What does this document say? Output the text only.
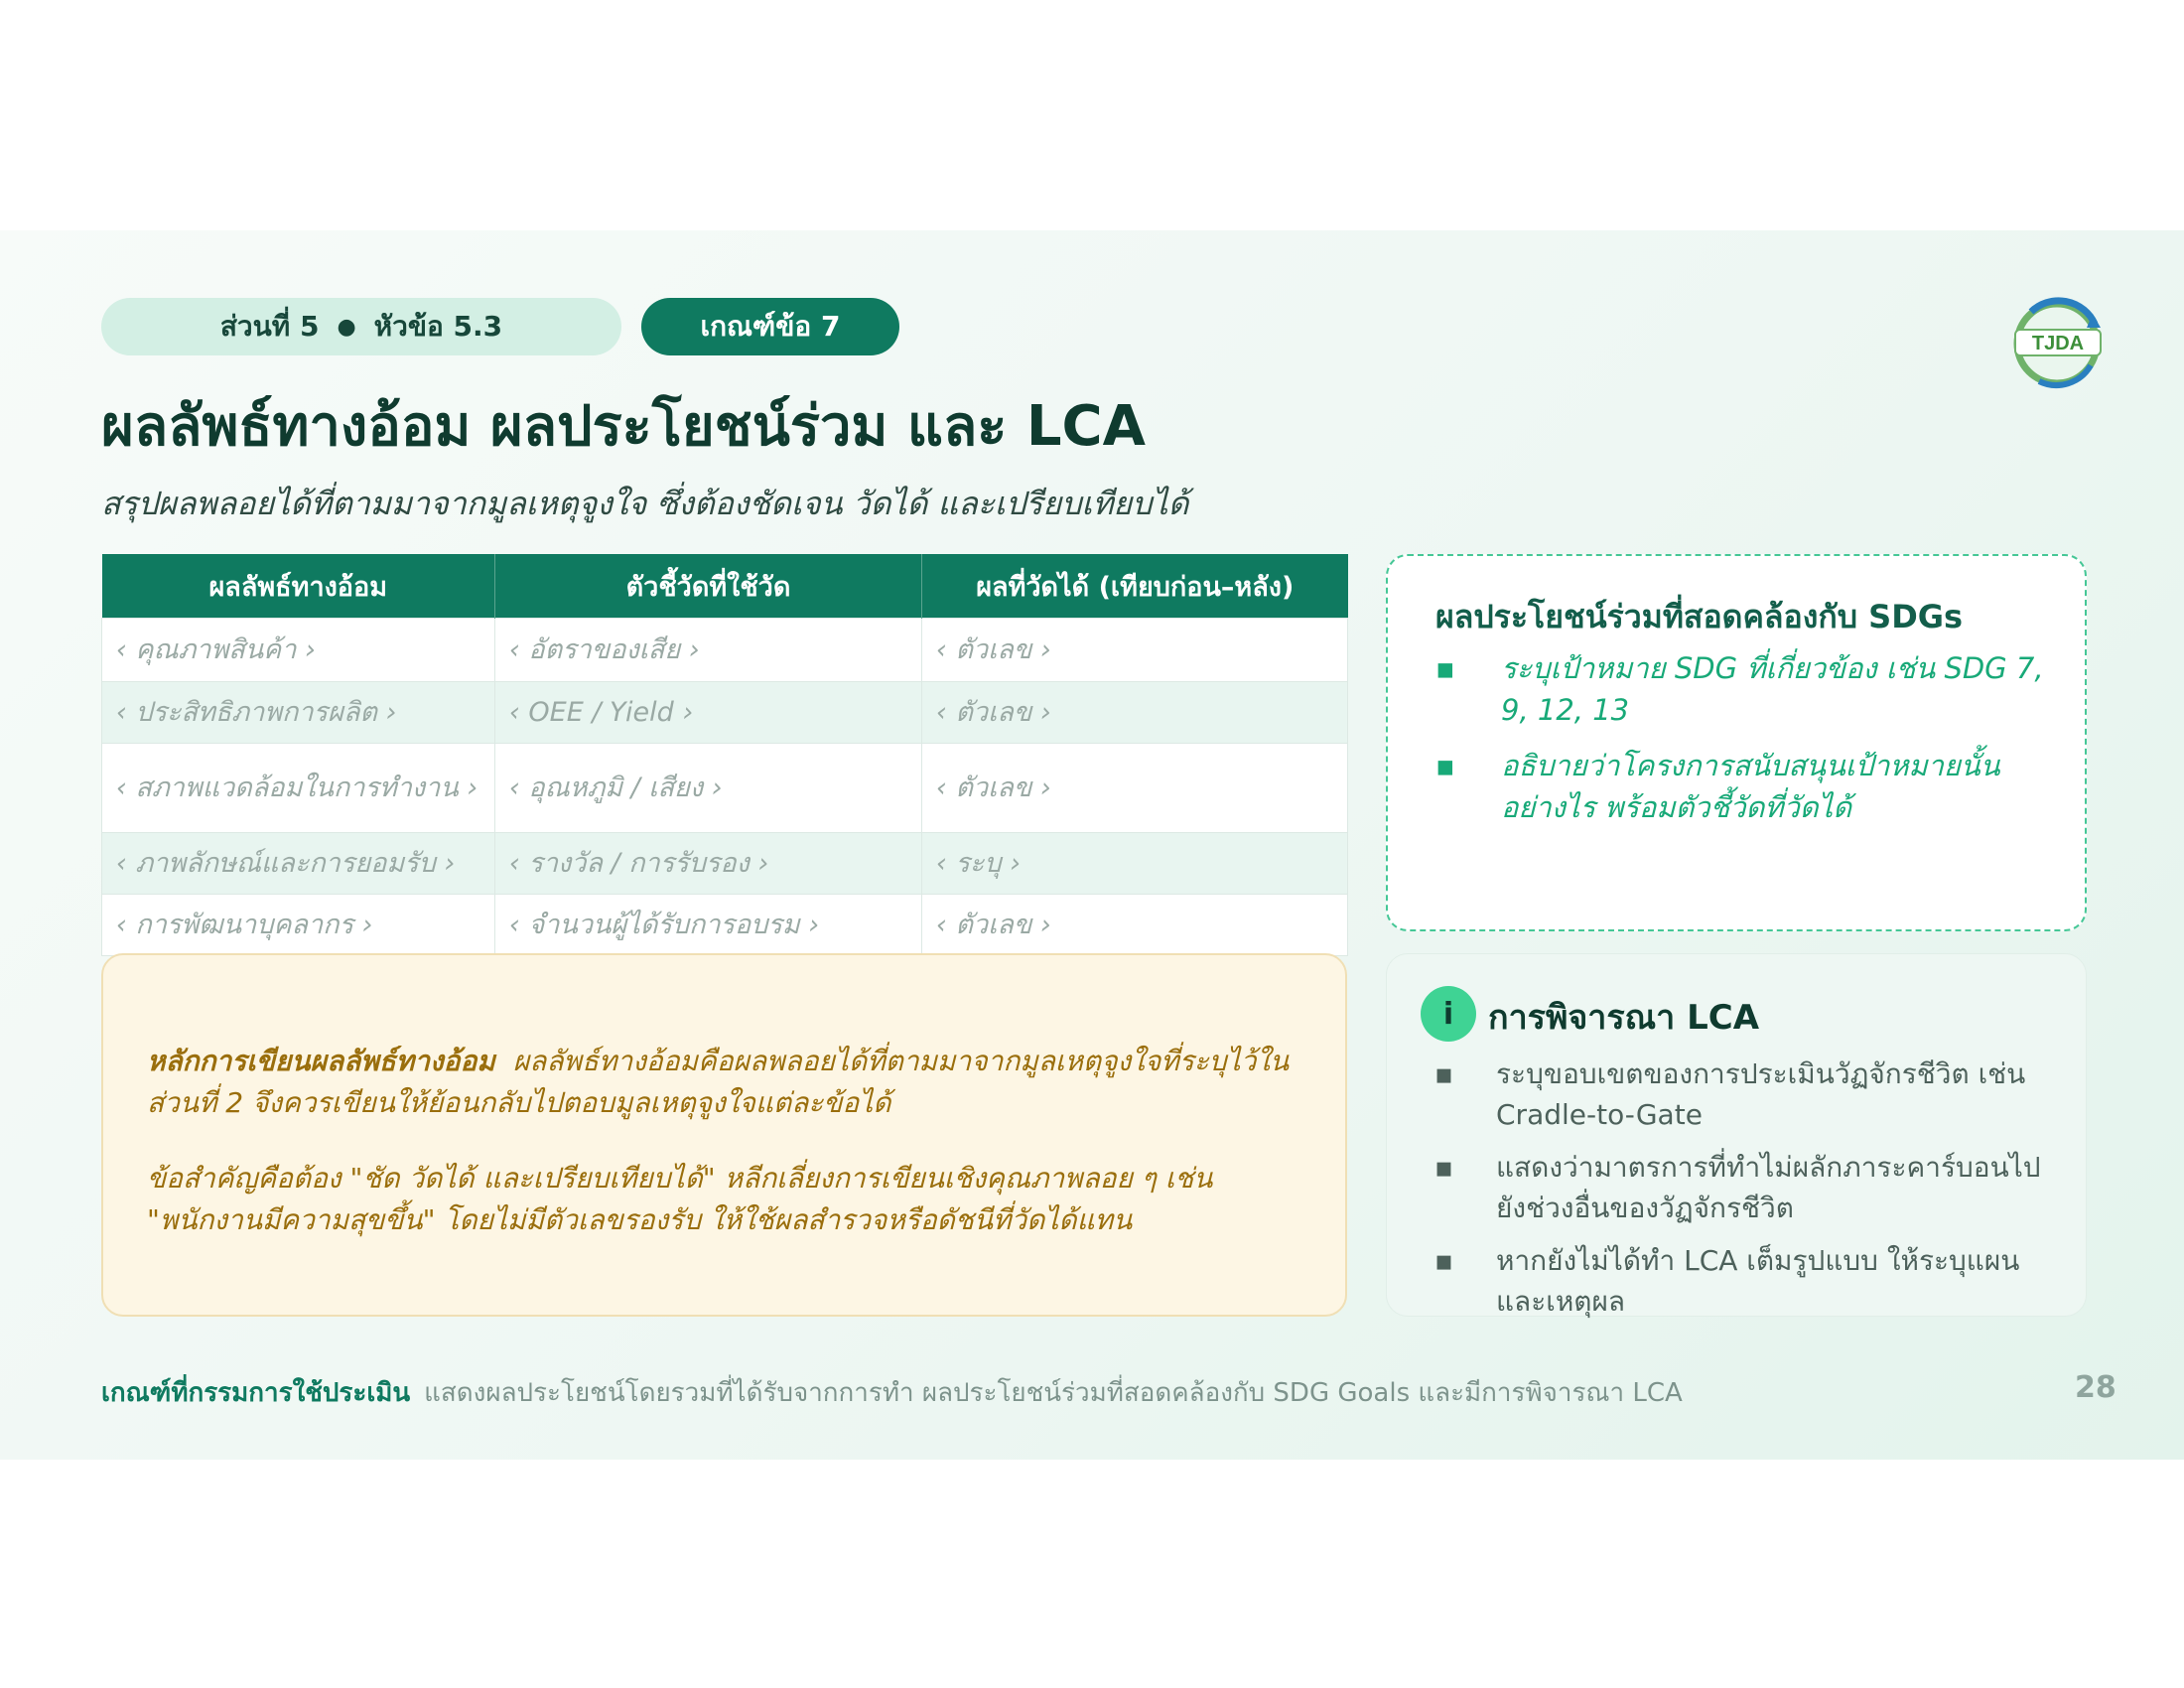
ส่วนที่ 5 ● หัวข้อ 5.3	เกณฑ์ข้อ 7
TJDA
ผลลัพธ์ทางอ้อม ผลประโยชน์ร่วม และ LCA
สรุปผลพลอยได้ที่ตามมาจากมูลเหตุจูงใจ ซึ่งต้องชัดเจน วัดได้ และเปรียบเทียบได้
ผลลัพธ์ทางอ้อม	ตัวชี้วัดที่ใช้วัด	ผลที่วัดได้ (เทียบก่อน–หลัง)
‹ คุณภาพสินค้า ›	‹ อัตราของเสีย ›	‹ ตัวเลข ›
‹ ประสิทธิภาพการผลิต ›	‹ OEE / Yield ›	‹ ตัวเลข ›
‹ สภาพแวดล้อมในการทำงาน ›	‹ อุณหภูมิ / เสียง ›	‹ ตัวเลข ›
‹ ภาพลักษณ์และการยอมรับ ›	‹ รางวัล / การรับรอง ›	‹ ระบุ ›
‹ การพัฒนาบุคลากร ›	‹ จำนวนผู้ได้รับการอบรม ›	‹ ตัวเลข ›
ผลประโยชน์ร่วมที่สอดคล้องกับ SDGs
▪ ระบุเป้าหมาย SDG ที่เกี่ยวข้อง เช่น SDG 7, 9, 12, 13
▪ อธิบายว่าโครงการสนับสนุนเป้าหมายนั้นอย่างไร พร้อมตัวชี้วัดที่วัดได้

หลักการเขียนผลลัพธ์ทางอ้อม ผลลัพธ์ทางอ้อมคือผลพลอยได้ที่ตามมาจากมูลเหตุจูงใจที่ระบุไว้ในส่วนที่ 2 จึงควรเขียนให้ย้อนกลับไปตอบมูลเหตุจูงใจแต่ละข้อได้

ข้อสำคัญคือต้อง "ชัด วัดได้ และเปรียบเทียบได้" หลีกเลี่ยงการเขียนเชิงคุณภาพลอย ๆ เช่น "พนักงานมีความสุขขึ้น" โดยไม่มีตัวเลขรองรับ ให้ใช้ผลสำรวจหรือดัชนีที่วัดได้แทน

i	การพิจารณา LCA
▪ ระบุขอบเขตของการประเมินวัฏจักรชีวิต เช่น Cradle-to-Gate
▪ แสดงว่ามาตรการที่ทำไม่ผลักภาระคาร์บอนไปยังช่วงอื่นของวัฏจักรชีวิต
▪ หากยังไม่ได้ทำ LCA เต็มรูปแบบ ให้ระบุแผนและเหตุผล
เกณฑ์ที่กรรมการใช้ประเมิน แสดงผลประโยชน์โดยรวมที่ได้รับจากการทำ ผลประโยชน์ร่วมที่สอดคล้องกับ SDG Goals และมีการพิจารณา LCA	28
